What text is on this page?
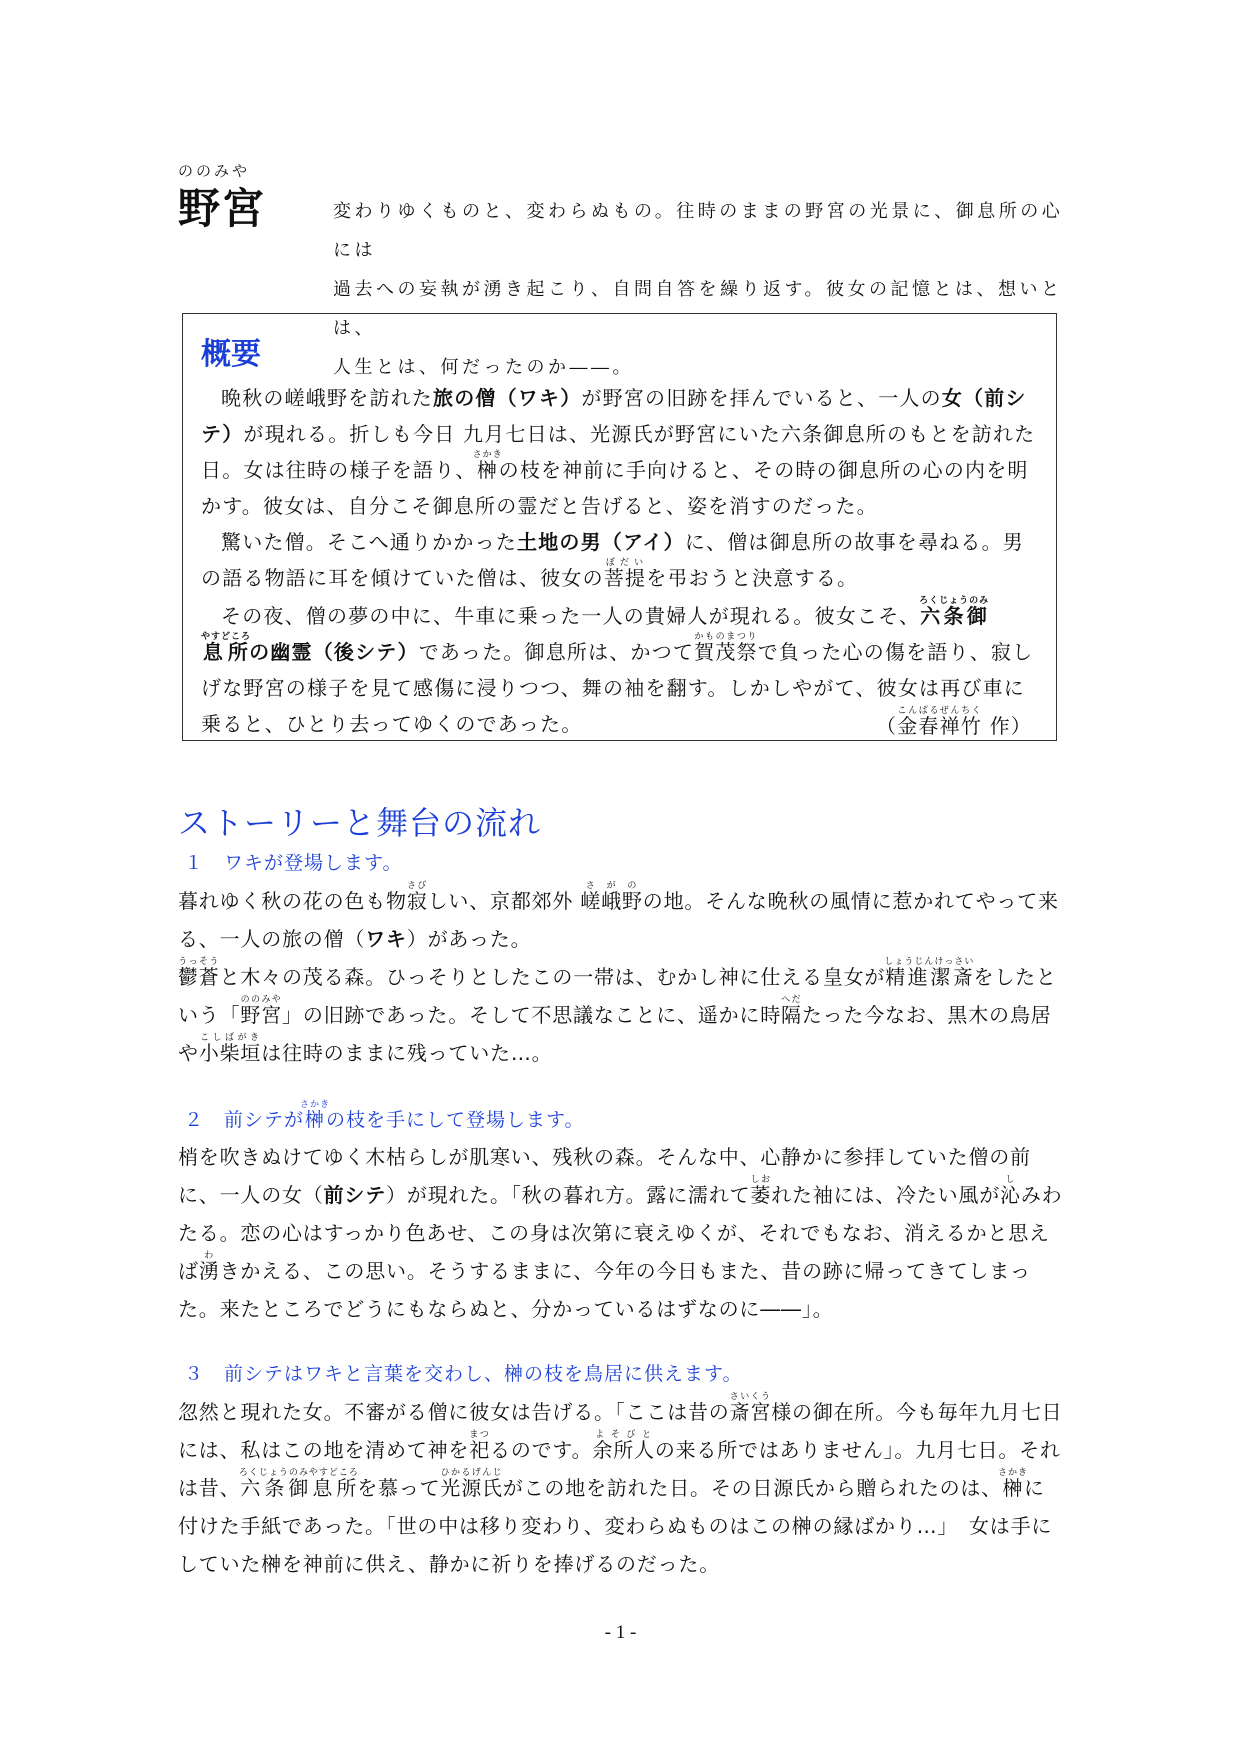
ののみや
野宮	変わりゆくものと、変わらぬもの。往時のままの野宮の光景に、御息所の心には

過去への妄執が湧き起こり、自問自答を繰り返す。彼女の記憶とは、想いとは、

人生とは、何だったのか――。

概要

晩秋の嵯峨野を訪れた旅の僧（ワキ）が野宮の旧跡を拝んでいると、一人の女（前シテ）が現れる。折しも今日 九月七日は、光源氏が野宮にいた六条御息所のもとを訪れた日。女は往時の様子を語り、榊さかきの枝を神前に手向けると、その時の御息所の心の内を明かす。彼女は、自分こそ御息所の霊だと告げると、姿を消すのだった。

驚いた僧。そこへ通りかかった土地の男（アイ）に、僧は御息所の故事を尋ねる。男の語る物語に耳を傾けていた僧は、彼女の菩提ぼだいを弔おうと決意する。

その夜、僧の夢の中に、牛車に乗った一人の貴婦人が現れる。彼女こそ、六条御ろくじょうのみ息所やすどころの幽霊（後シテ）であった。御息所は、かつて賀茂祭かものまつりで負った心の傷を語り、寂しげな野宮の様子を見て感傷に浸りつつ、舞の袖を翻す。しかしやがて、彼女は再び車に乗ると、ひとり去ってゆくのであった。	（金春禅竹こんぱるぜんちく 作）

ストーリーと舞台の流れ
１ ワキが登場します。

暮れゆく秋の花の色も物寂さびしい、京都郊外 嵯峨野さがのの地。そんな晩秋の風情に惹かれてやって来る、一人の旅の僧（ワキ）があった。
鬱蒼うっそうと木々の茂る森。ひっそりとしたこの一帯は、むかし神に仕える皇女が精進潔斎しょうじんけっさいをしたという「野宮ののみや」の旧跡であった。そして不思議なことに、遥かに時隔へだたった今なお、黒木の鳥居や小柴垣こしばがきは往時のままに残っていた…。

２ 前シテが榊さかきの枝を手にして登場します。

梢を吹きぬけてゆく木枯らしが肌寒い、残秋の森。そんな中、心静かに参拝していた僧の前に、一人の女（前シテ）が現れた。「秋の暮れ方。露に濡れて萎しおれた袖には、冷たい風が沁しみわたる。恋の心はすっかり色あせ、この身は次第に衰えゆくが、それでもなお、消えるかと思えば湧わきかえる、この思い。そうするままに、今年の今日もまた、昔の跡に帰ってきてしまった。来たところでどうにもならぬと、分かっているはずなのに――」。

３ 前シテはワキと言葉を交わし、榊の枝を鳥居に供えます。

忽然と現れた女。不審がる僧に彼女は告げる。「ここは昔の斎宮さいくう様の御在所。今も毎年九月七日には、私はこの地を清めて神を祀まつるのです。余所人よそびとの来る所ではありません」。九月七日。それは昔、六条御息所ろくじょうのみやすどころを慕って光源氏ひかるげんじがこの地を訪れた日。その日源氏から贈られたのは、榊さかきに付けた手紙であった。「世の中は移り変わり、変わらぬものはこの榊の縁ばかり…」　女は手にしていた榊を神前に供え、静かに祈りを捧げるのだった。

- 1 -
